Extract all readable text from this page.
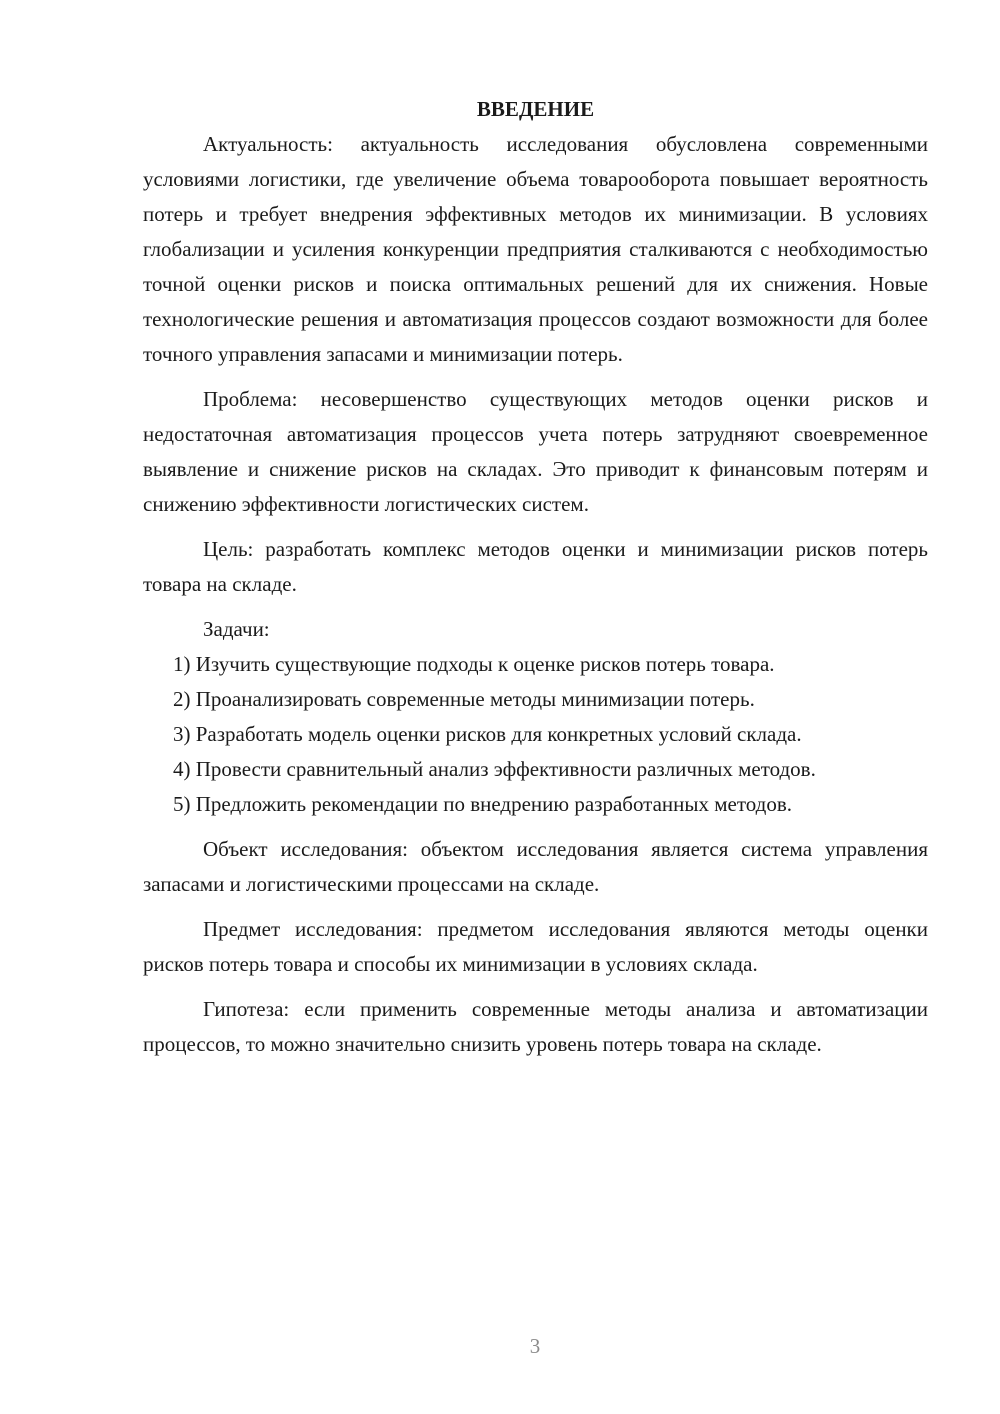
ВВЕДЕНИЕ

Актуальность: актуальность исследования обусловлена современными условиями логистики, где увеличение объема товарооборота повышает вероятность потерь и требует внедрения эффективных методов их минимизации. В условиях глобализации и усиления конкуренции предприятия сталкиваются с необходимостью точной оценки рисков и поиска оптимальных решений для их снижения. Новые технологические решения и автоматизация процессов создают возможности для более точного управления запасами и минимизации потерь.

Проблема: несовершенство существующих методов оценки рисков и недостаточная автоматизация процессов учета потерь затрудняют своевременное выявление и снижение рисков на складах. Это приводит к финансовым потерям и снижению эффективности логистических систем.

Цель: разработать комплекс методов оценки и минимизации рисков потерь товара на складе.

Задачи:

1) Изучить существующие подходы к оценке рисков потерь товара.

2) Проанализировать современные методы минимизации потерь.

3) Разработать модель оценки рисков для конкретных условий склада.

4) Провести сравнительный анализ эффективности различных методов.

5) Предложить рекомендации по внедрению разработанных методов.

Объект исследования: объектом исследования является система управления запасами и логистическими процессами на складе.

Предмет исследования: предметом исследования являются методы оценки рисков потерь товара и способы их минимизации в условиях склада.

Гипотеза: если применить современные методы анализа и автоматизации процессов, то можно значительно снизить уровень потерь товара на складе.

3
